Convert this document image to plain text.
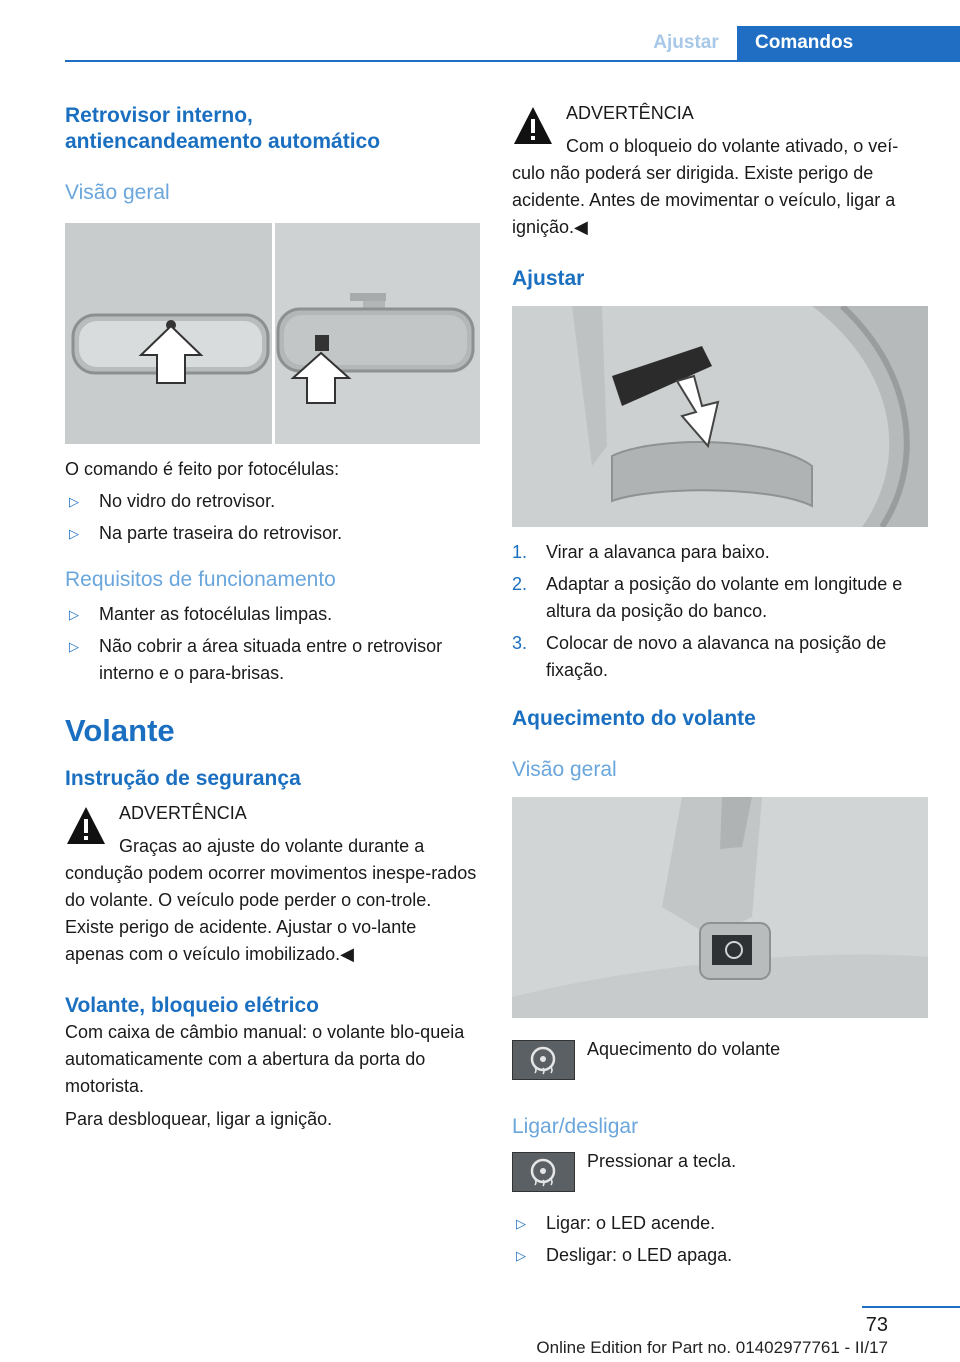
Ajustar	Comandos
Retrovisor interno,
antiencandeamento automático
Visão geral

O comando é feito por fotocélulas:

▷ No vidro do retrovisor.
▷ Na parte traseira do retrovisor.
Requisitos de funcionamento
▷ Manter as fotocélulas limpas.
▷ Não cobrir a área situada entre o retrovisor interno e o para-brisas.
Volante
Instrução de segurança

ADVERTÊNCIA

Graças ao ajuste do volante durante a

condução podem ocorrer movimentos inespe-rados do volante. O veículo pode perder o con-trole. Existe perigo de acidente. Ajustar o vo-lante apenas com o veículo imobilizado.◀

Volante, bloqueio elétrico

Com caixa de câmbio manual: o volante blo-queia automaticamente com a abertura da porta do motorista.

Para desbloquear, ligar a ignição.

ADVERTÊNCIA

Com o bloqueio do volante ativado, o veí-

culo não poderá ser dirigida. Existe perigo de acidente. Antes de movimentar o veículo, ligar a ignição.◀

Ajustar
1. Virar a alavanca para baixo.
2. Adaptar a posição do volante em longitude e altura da posição do banco.
3. Colocar de novo a alavanca na posição de fixação.
Aquecimento do volante
Visão geral

Aquecimento do volante

Ligar/desligar

Pressionar a tecla.

▷ Ligar: o LED acende.
▷ Desligar: o LED apaga.
73
Online Edition for Part no. 01402977761 - II/17
